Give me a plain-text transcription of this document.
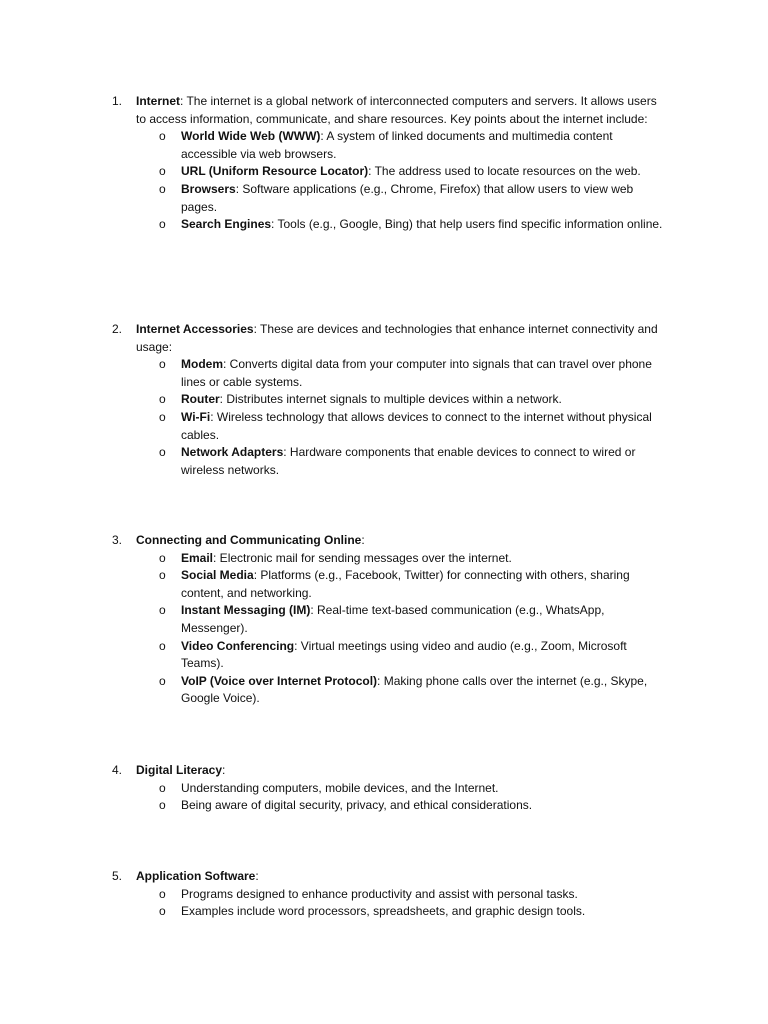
1. Internet: The internet is a global network of interconnected computers and servers. It allows users to access information, communicate, and share resources. Key points about the internet include:
o World Wide Web (WWW): A system of linked documents and multimedia content accessible via web browsers.
o URL (Uniform Resource Locator): The address used to locate resources on the web.
o Browsers: Software applications (e.g., Chrome, Firefox) that allow users to view web pages.
o Search Engines: Tools (e.g., Google, Bing) that help users find specific information online.
2. Internet Accessories: These are devices and technologies that enhance internet connectivity and usage:
o Modem: Converts digital data from your computer into signals that can travel over phone lines or cable systems.
o Router: Distributes internet signals to multiple devices within a network.
o Wi-Fi: Wireless technology that allows devices to connect to the internet without physical cables.
o Network Adapters: Hardware components that enable devices to connect to wired or wireless networks.
3. Connecting and Communicating Online:
o Email: Electronic mail for sending messages over the internet.
o Social Media: Platforms (e.g., Facebook, Twitter) for connecting with others, sharing content, and networking.
o Instant Messaging (IM): Real-time text-based communication (e.g., WhatsApp, Messenger).
o Video Conferencing: Virtual meetings using video and audio (e.g., Zoom, Microsoft Teams).
o VoIP (Voice over Internet Protocol): Making phone calls over the internet (e.g., Skype, Google Voice).
4. Digital Literacy:
o Understanding computers, mobile devices, and the Internet.
o Being aware of digital security, privacy, and ethical considerations.
5. Application Software:
o Programs designed to enhance productivity and assist with personal tasks.
o Examples include word processors, spreadsheets, and graphic design tools.
